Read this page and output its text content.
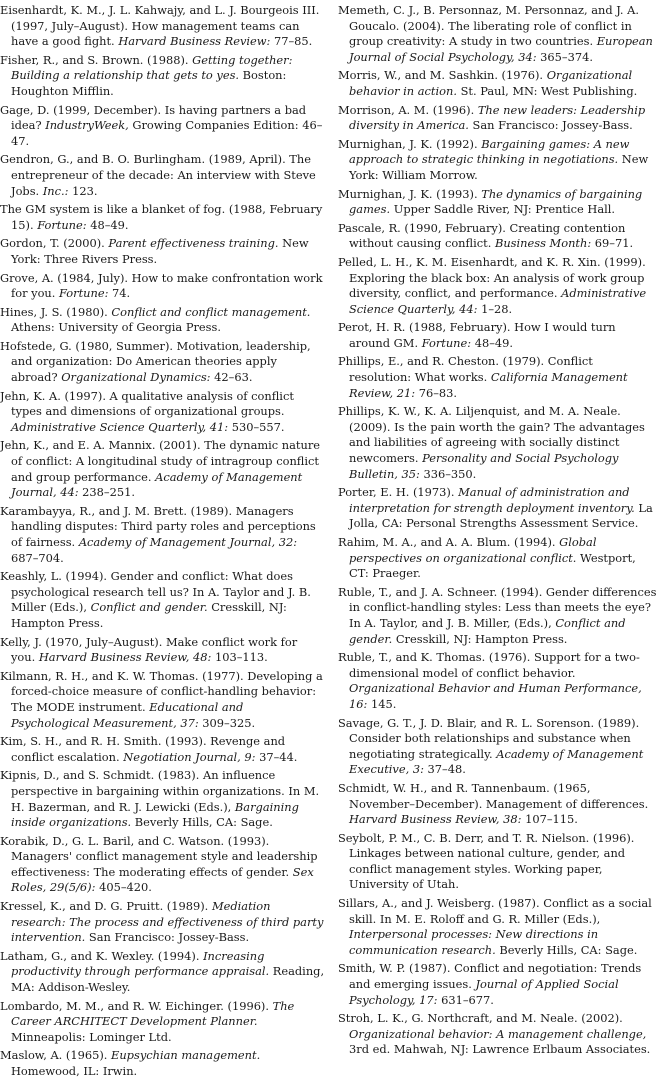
Eisenhardt, K. M., J. L. Kahwajy, and L. J. Bourgeois III. (1997, July–August). How management teams can have a good fight. Harvard Business Review: 77–85.

Fisher, R., and S. Brown. (1988). Getting together: Building a relationship that gets to yes. Boston: Houghton Mifflin.

Gage, D. (1999, December). Is having partners a bad idea? IndustryWeek, Growing Companies Edition: 46–47.

Gendron, G., and B. O. Burlingham. (1989, April). The entrepreneur of the decade: An interview with Steve Jobs. Inc.: 123.

The GM system is like a blanket of fog. (1988, February 15). Fortune: 48–49.

Gordon, T. (2000). Parent effectiveness training. New York: Three Rivers Press.

Grove, A. (1984, July). How to make confrontation work for you. Fortune: 74.

Hines, J. S. (1980). Conflict and conflict management. Athens: University of Georgia Press.

Hofstede, G. (1980, Summer). Motivation, leadership, and organization: Do American theories apply abroad? Organizational Dynamics: 42–63.

Jehn, K. A. (1997). A qualitative analysis of conflict types and dimensions of organizational groups. Administrative Science Quarterly, 41: 530–557.

Jehn, K., and E. A. Mannix. (2001). The dynamic nature of conflict: A longitudinal study of intragroup conflict and group performance. Academy of Management Journal, 44: 238–251.

Karambayya, R., and J. M. Brett. (1989). Managers handling disputes: Third party roles and perceptions of fairness. Academy of Management Journal, 32: 687–704.

Keashly, L. (1994). Gender and conflict: What does psychological research tell us? In A. Taylor and J. B. Miller (Eds.), Conflict and gender. Cresskill, NJ: Hampton Press.

Kelly, J. (1970, July–August). Make conflict work for you. Harvard Business Review, 48: 103–113.

Kilmann, R. H., and K. W. Thomas. (1977). Developing a forced-choice measure of conflict-handling behavior: The MODE instrument. Educational and Psychological Measurement, 37: 309–325.

Kim, S. H., and R. H. Smith. (1993). Revenge and conflict escalation. Negotiation Journal, 9: 37–44.

Kipnis, D., and S. Schmidt. (1983). An influence perspective in bargaining within organizations. In M. H. Bazerman, and R. J. Lewicki (Eds.), Bargaining inside organizations. Beverly Hills, CA: Sage.

Korabik, D., G. L. Baril, and C. Watson. (1993). Managers' conflict management style and leadership effectiveness: The moderating effects of gender. Sex Roles, 29(5/6): 405–420.

Kressel, K., and D. G. Pruitt. (1989). Mediation research: The process and effectiveness of third party intervention. San Francisco: Jossey-Bass.

Latham, G., and K. Wexley. (1994). Increasing productivity through performance appraisal. Reading, MA: Addison-Wesley.

Lombardo, M. M., and R. W. Eichinger. (1996). The Career ARCHITECT Development Planner. Minneapolis: Lominger Ltd.

Maslow, A. (1965). Eupsychian management. Homewood, IL: Irwin.

Memeth, C. J., B. Personnaz, M. Personnaz, and J. A. Goucalo. (2004). The liberating role of conflict in group creativity: A study in two countries. European Journal of Social Psychology, 34: 365–374.

Morris, W., and M. Sashkin. (1976). Organizational behavior in action. St. Paul, MN: West Publishing.

Morrison, A. M. (1996). The new leaders: Leadership diversity in America. San Francisco: Jossey-Bass.

Murnighan, J. K. (1992). Bargaining games: A new approach to strategic thinking in negotiations. New York: William Morrow.

Murnighan, J. K. (1993). The dynamics of bargaining games. Upper Saddle River, NJ: Prentice Hall.

Pascale, R. (1990, February). Creating contention without causing conflict. Business Month: 69–71.

Pelled, L. H., K. M. Eisenhardt, and K. R. Xin. (1999). Exploring the black box: An analysis of work group diversity, conflict, and performance. Administrative Science Quarterly, 44: 1–28.

Perot, H. R. (1988, February). How I would turn around GM. Fortune: 48–49.

Phillips, E., and R. Cheston. (1979). Conflict resolution: What works. California Management Review, 21: 76–83.

Phillips, K. W., K. A. Liljenquist, and M. A. Neale. (2009). Is the pain worth the gain? The advantages and liabilities of agreeing with socially distinct newcomers. Personality and Social Psychology Bulletin, 35: 336–350.

Porter, E. H. (1973). Manual of administration and interpretation for strength deployment inventory. La Jolla, CA: Personal Strengths Assessment Service.

Rahim, M. A., and A. A. Blum. (1994). Global perspectives on organizational conflict. Westport, CT: Praeger.

Ruble, T., and J. A. Schneer. (1994). Gender differences in conflict-handling styles: Less than meets the eye? In A. Taylor, and J. B. Miller, (Eds.), Conflict and gender. Cresskill, NJ: Hampton Press.

Ruble, T., and K. Thomas. (1976). Support for a two-dimensional model of conflict behavior. Organizational Behavior and Human Performance, 16: 145.

Savage, G. T., J. D. Blair, and R. L. Sorenson. (1989). Consider both relationships and substance when negotiating strategically. Academy of Management Executive, 3: 37–48.

Schmidt, W. H., and R. Tannenbaum. (1965, November–December). Management of differences. Harvard Business Review, 38: 107–115.

Seybolt, P. M., C. B. Derr, and T. R. Nielson. (1996). Linkages between national culture, gender, and conflict management styles. Working paper, University of Utah.

Sillars, A., and J. Weisberg. (1987). Conflict as a social skill. In M. E. Roloff and G. R. Miller (Eds.), Interpersonal processes: New directions in communication research. Beverly Hills, CA: Sage.

Smith, W. P. (1987). Conflict and negotiation: Trends and emerging issues. Journal of Applied Social Psychology, 17: 631–677.

Stroh, L. K., G. Northcraft, and M. Neale. (2002). Organizational behavior: A management challenge, 3rd ed. Mahwah, NJ: Lawrence Erlbaum Associates.
